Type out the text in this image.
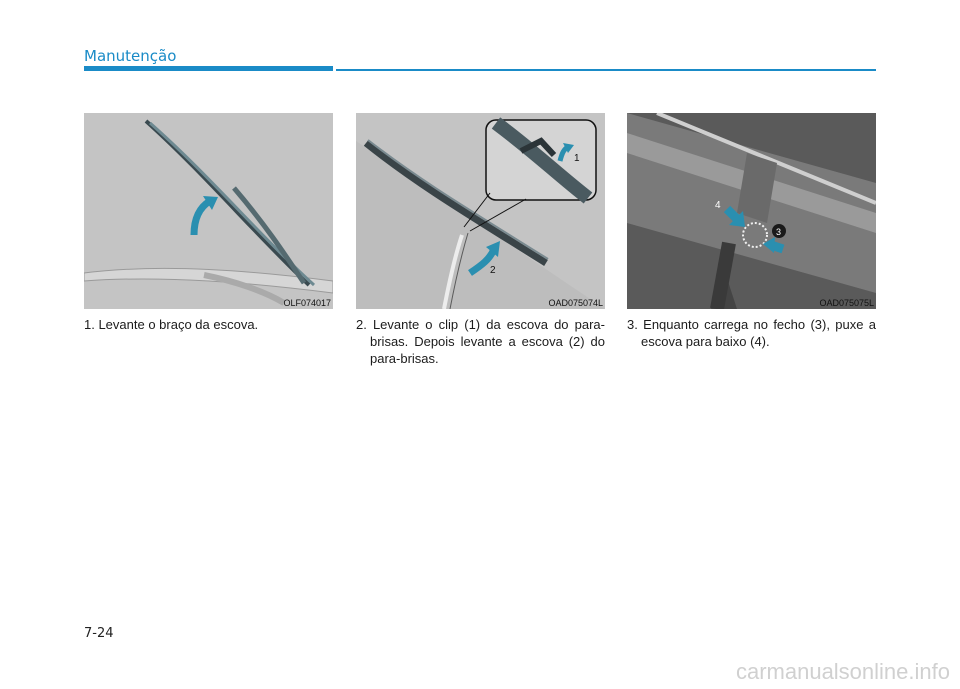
Manutenção
OLF074017
1
2
OAD075074L
4
3
OAD075075L
1. Levante o braço da escova.	2. Levante o clip (1) da escova do para-brisas. Depois levante a escova (2) do para-brisas.
3. Enquanto carrega no fecho (3), puxe a escova para baixo (4).
7-24
carmanualsonline.info
